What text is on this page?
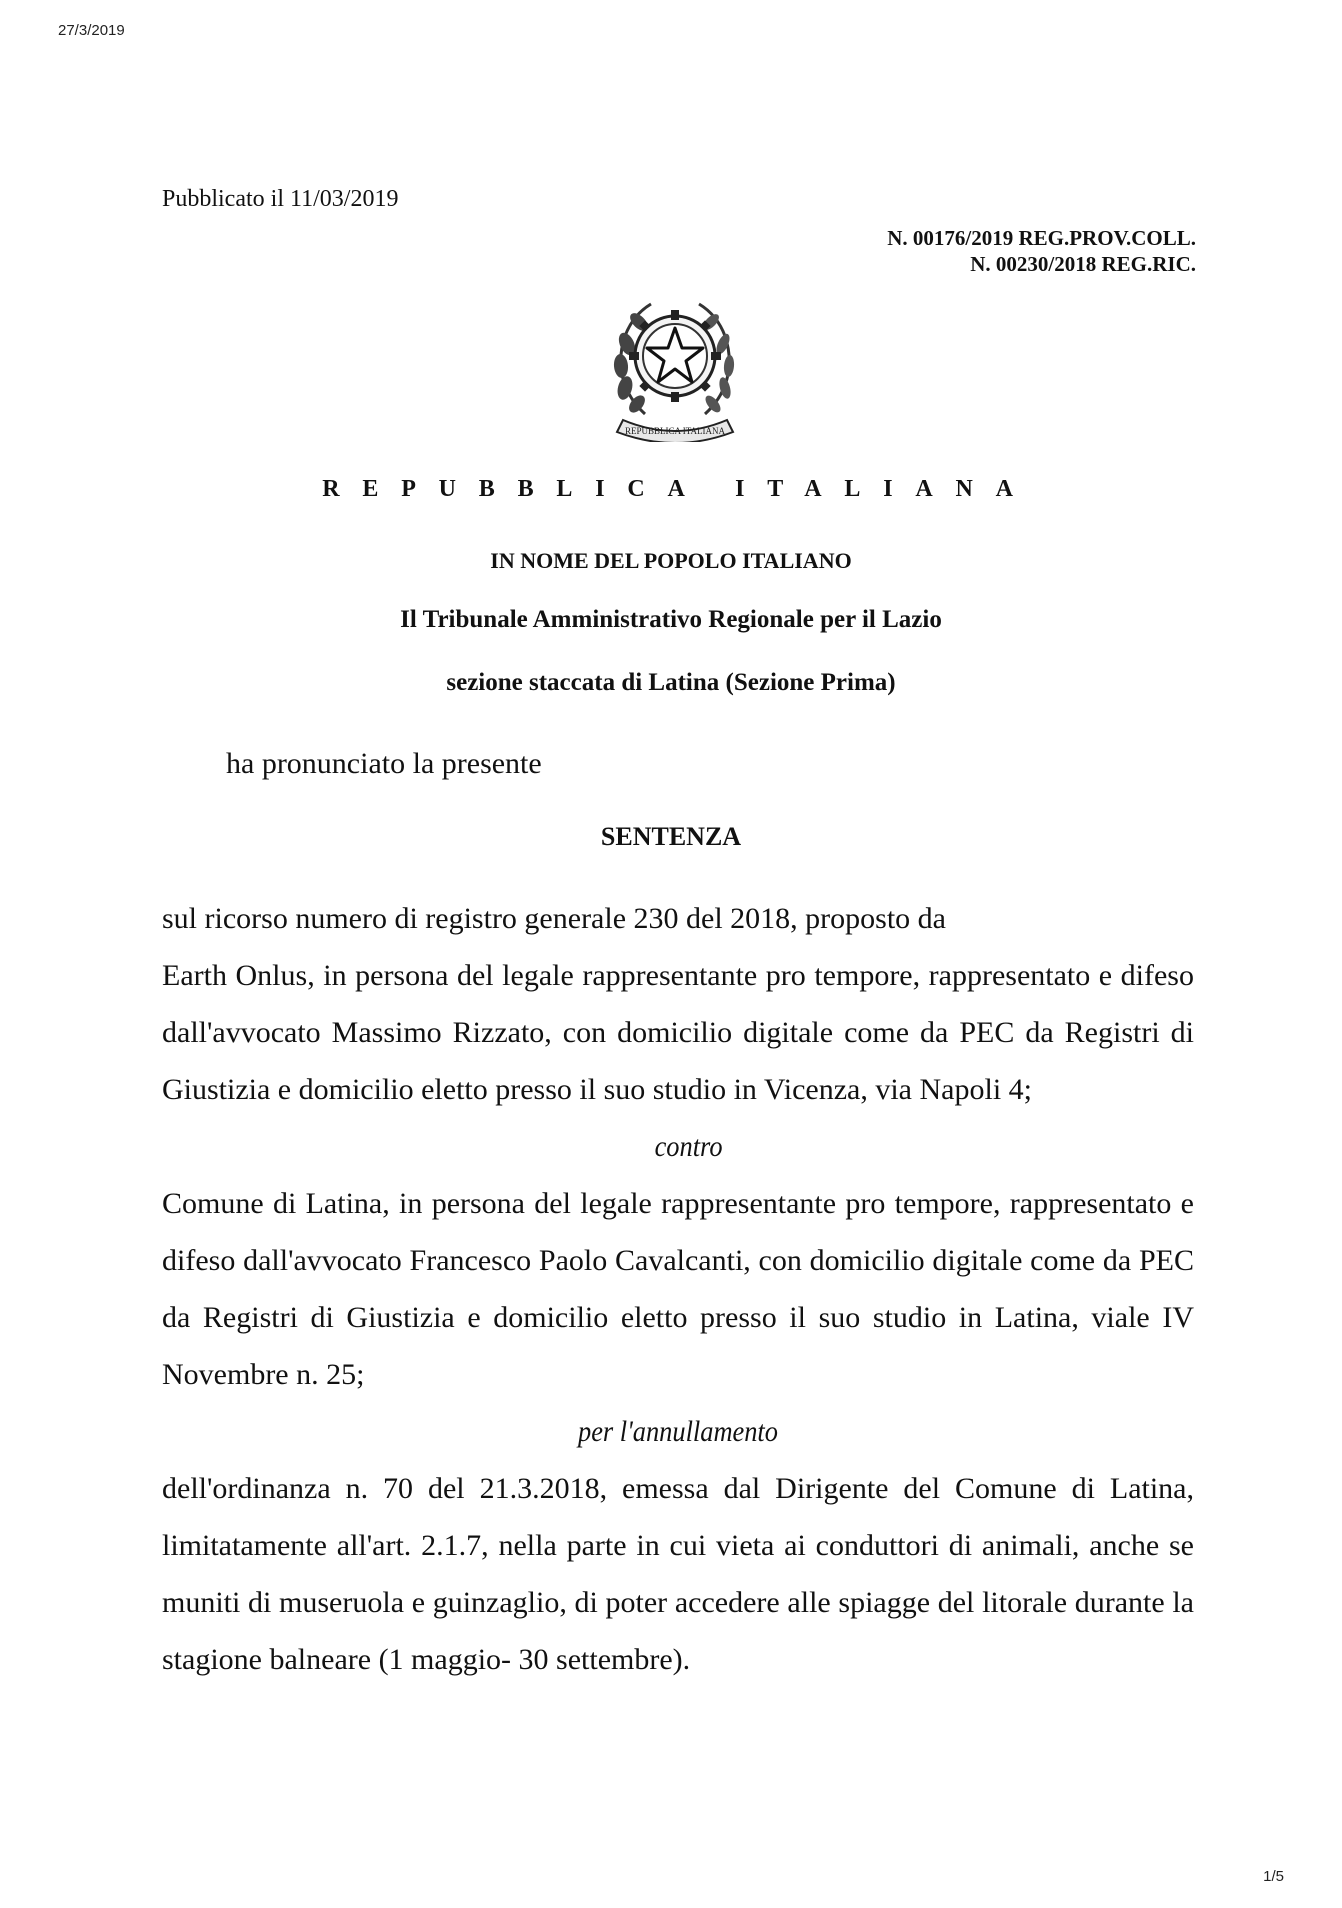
27/3/2019
Pubblicato il 11/03/2019
N. 00176/2019 REG.PROV.COLL.
N. 00230/2018 REG.RIC.
REPUBBLICA ITALIANA
REPUBBLICA ITALIANA
IN NOME DEL POPOLO ITALIANO
Il Tribunale Amministrativo Regionale per il Lazio
sezione staccata di Latina (Sezione Prima)
ha pronunciato la presente
SENTENZA

sul ricorso numero di registro generale 230 del 2018, proposto da

Earth Onlus, in persona del legale rappresentante pro tempore, rappresentato e difeso dall'avvocato Massimo Rizzato, con domicilio digitale come da PEC da Registri di Giustizia e domicilio eletto presso il suo studio in Vicenza, via Napoli 4;

contro

Comune di Latina, in persona del legale rappresentante pro tempore, rappresentato e difeso dall'avvocato Francesco Paolo Cavalcanti, con domicilio digitale come da PEC da Registri di Giustizia e domicilio eletto presso il suo studio in Latina, viale IV Novembre n. 25;

per l'annullamento

dell'ordinanza n. 70 del 21.3.2018, emessa dal Dirigente del Comune di Latina, limitatamente all'art. 2.1.7, nella parte in cui vieta ai conduttori di animali, anche se muniti di museruola e guinzaglio, di poter accedere alle spiagge del litorale durante la stagione balneare (1 maggio- 30 settembre).

1/5
